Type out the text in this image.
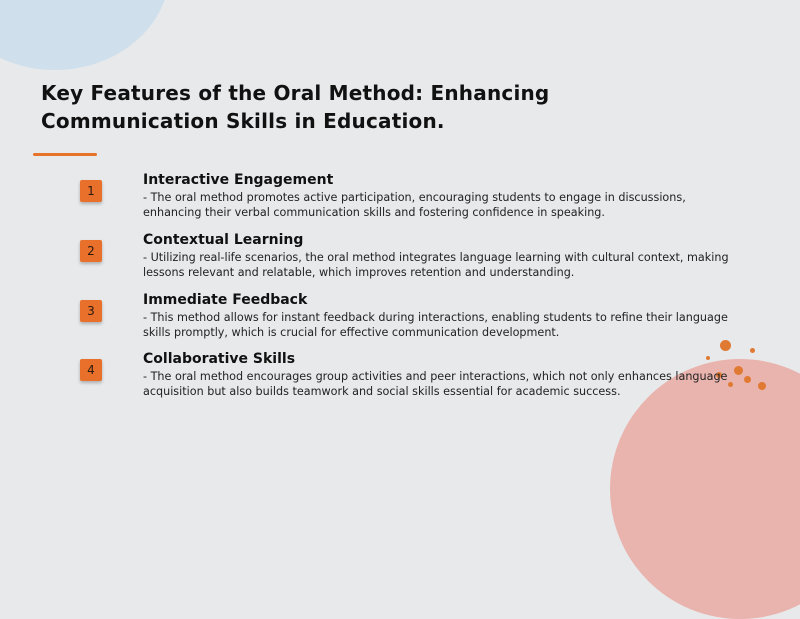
Key Features of the Oral Method: Enhancing Communication Skills in Education.
1
Interactive Engagement

- The oral method promotes active participation, encouraging students to engage in discussions, enhancing their verbal communication skills and fostering confidence in speaking.

2
Contextual Learning

- Utilizing real-life scenarios, the oral method integrates language learning with cultural context, making lessons relevant and relatable, which improves retention and understanding.

3
Immediate Feedback

- This method allows for instant feedback during interactions, enabling students to refine their language skills promptly, which is crucial for effective communication development.

4
Collaborative Skills

- The oral method encourages group activities and peer interactions, which not only enhances language acquisition but also builds teamwork and social skills essential for academic success.
